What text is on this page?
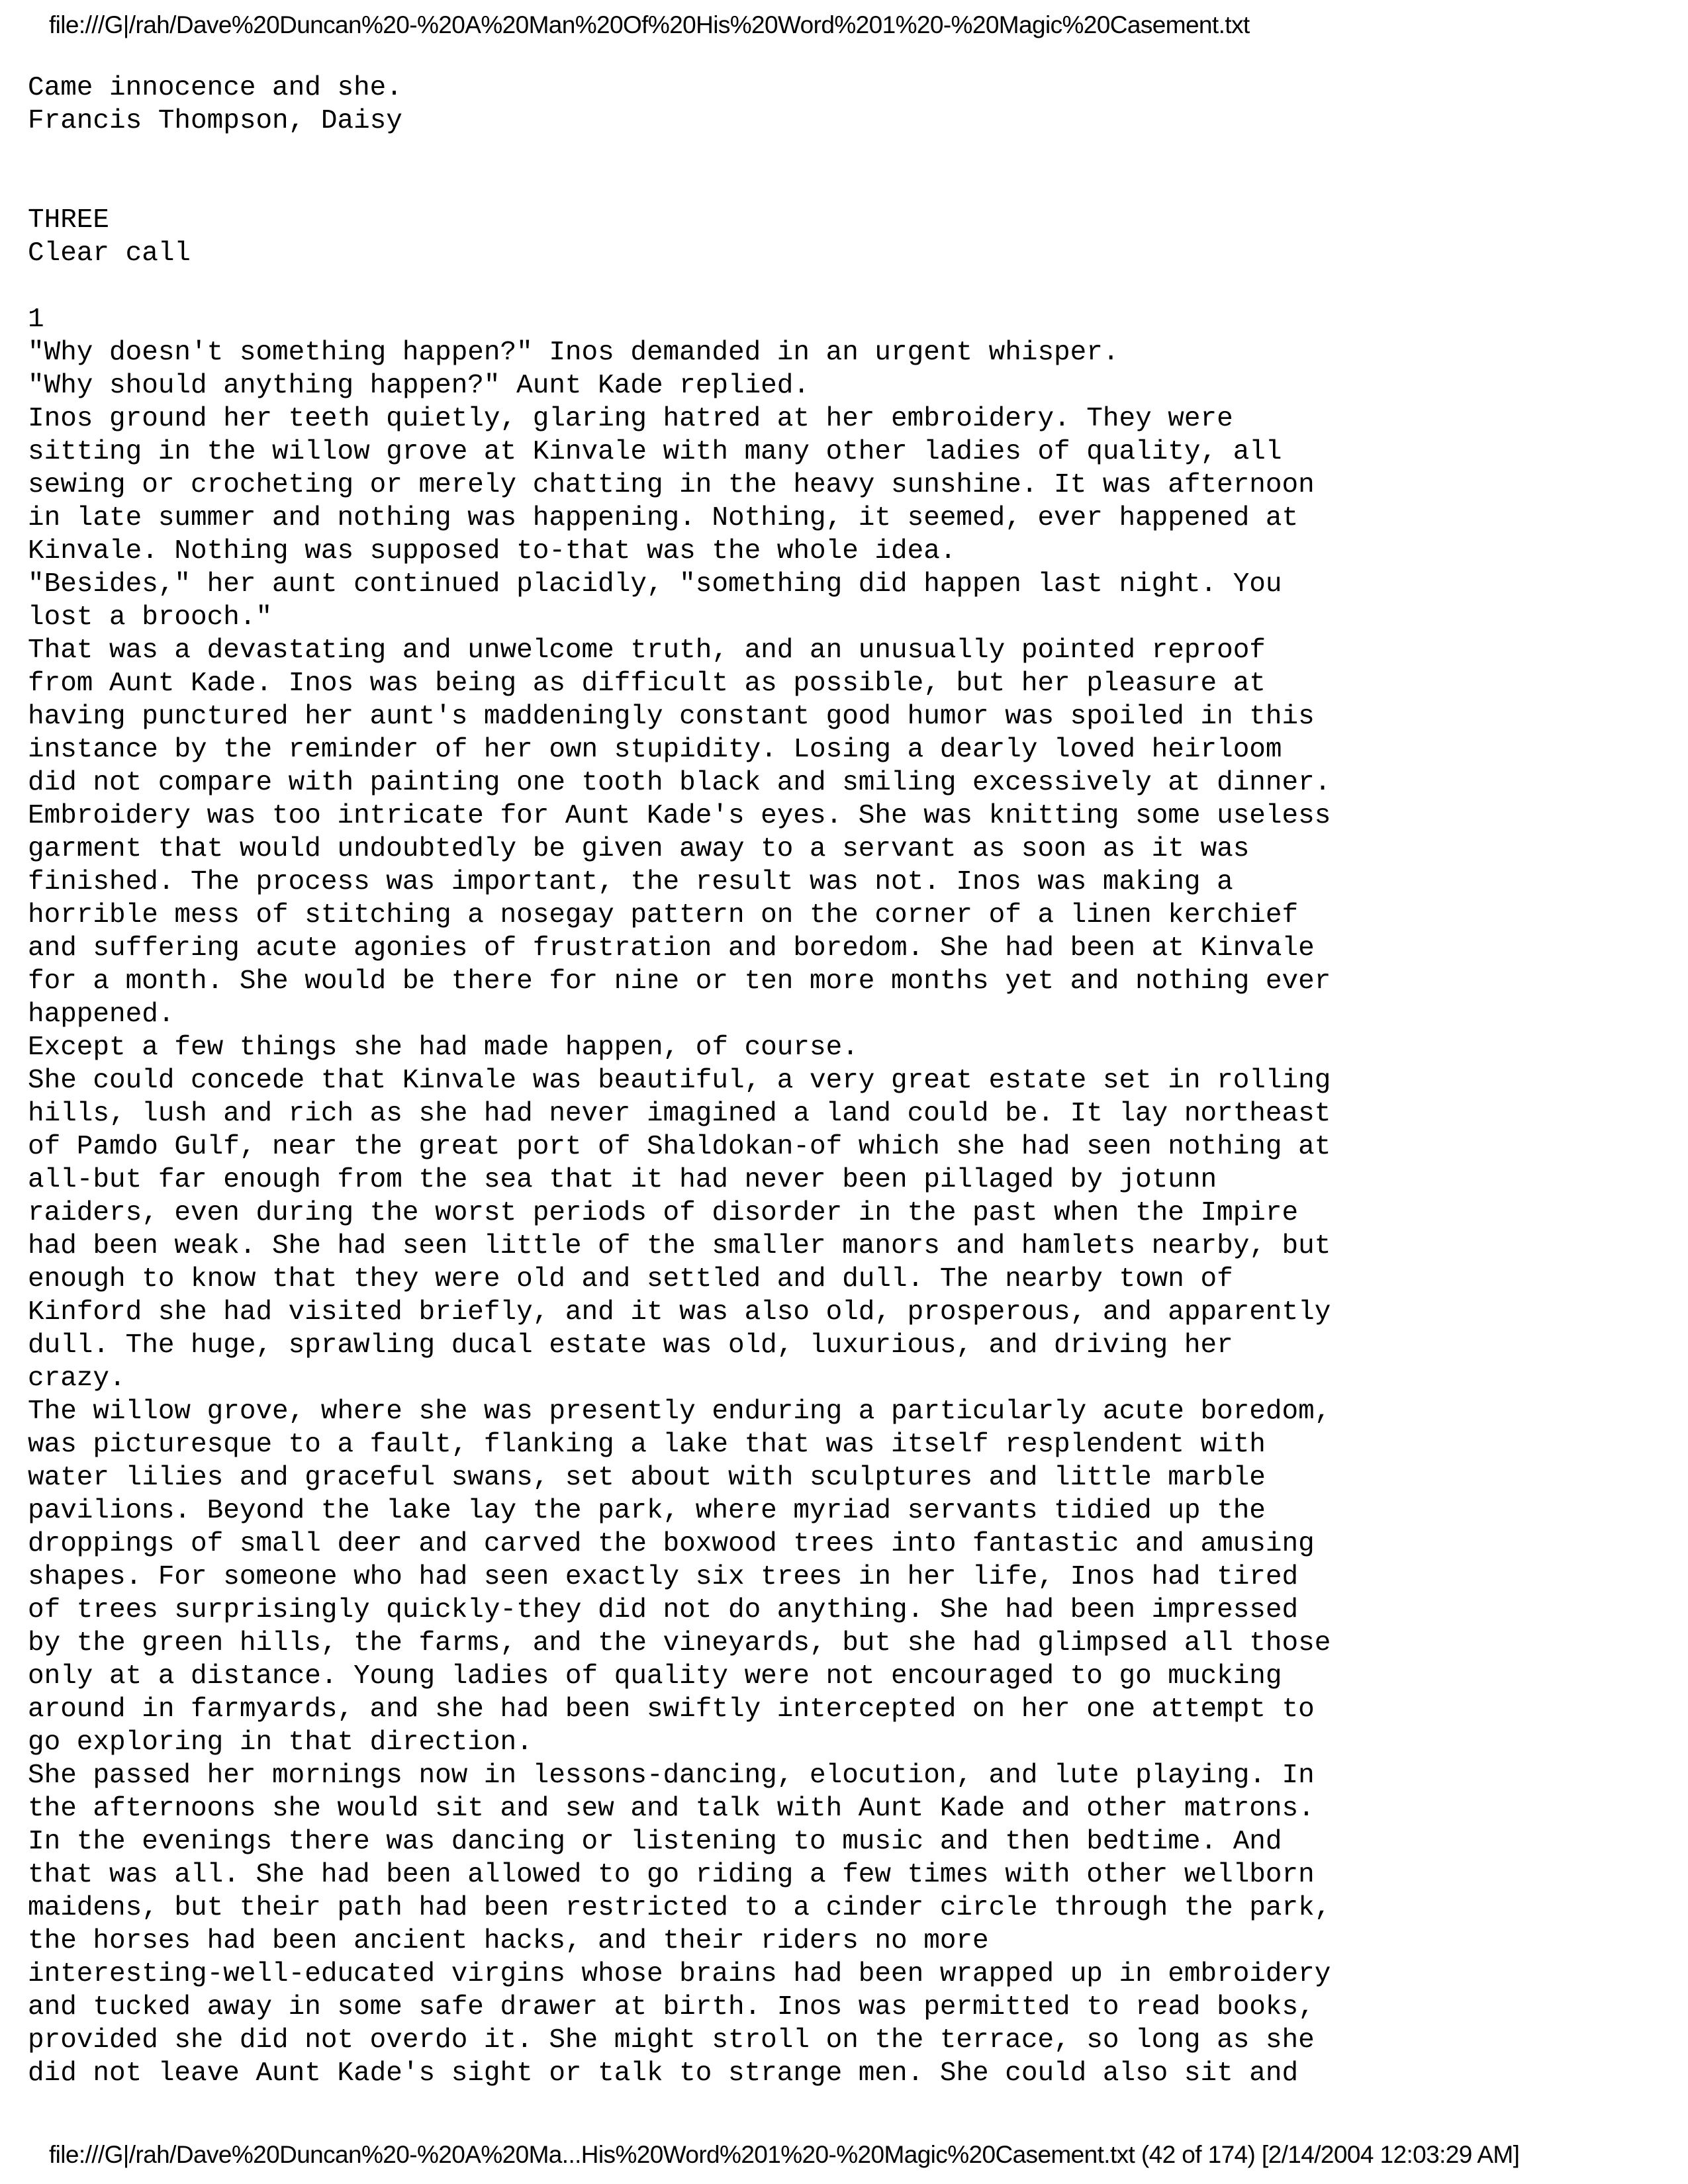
file:///G|/rah/Dave%20Duncan%20-%20A%20Man%20Of%20His%20Word%201%20-%20Magic%20Casement.txt
Came innocence and she.
Francis Thompson, Daisy
THREE
Clear call
1
"Why doesn't something happen?" Inos demanded in an urgent whisper.
"Why should anything happen?" Aunt Kade replied.
Inos ground her teeth quietly, glaring hatred at her embroidery. They were
sitting in the willow grove at Kinvale with many other ladies of quality, all
sewing or crocheting or merely chatting in the heavy sunshine. It was afternoon
in late summer and nothing was happening. Nothing, it seemed, ever happened at
Kinvale. Nothing was supposed to-that was the whole idea.
"Besides," her aunt continued placidly, "something did happen last night. You
lost a brooch."
That was a devastating and unwelcome truth, and an unusually pointed reproof
from Aunt Kade. Inos was being as difficult as possible, but her pleasure at
having punctured her aunt's maddeningly constant good humor was spoiled in this
instance by the reminder of her own stupidity. Losing a dearly loved heirloom
did not compare with painting one tooth black and smiling excessively at dinner.
Embroidery was too intricate for Aunt Kade's eyes. She was knitting some useless
garment that would undoubtedly be given away to a servant as soon as it was
finished. The process was important, the result was not. Inos was making a
horrible mess of stitching a nosegay pattern on the corner of a linen kerchief
and suffering acute agonies of frustration and boredom. She had been at Kinvale
for a month. She would be there for nine or ten more months yet and nothing ever
happened.
Except a few things she had made happen, of course.
She could concede that Kinvale was beautiful, a very great estate set in rolling
hills, lush and rich as she had never imagined a land could be. It lay northeast
of Pamdo Gulf, near the great port of Shaldokan-of which she had seen nothing at
all-but far enough from the sea that it had never been pillaged by jotunn
raiders, even during the worst periods of disorder in the past when the Impire
had been weak. She had seen little of the smaller manors and hamlets nearby, but
enough to know that they were old and settled and dull. The nearby town of
Kinford she had visited briefly, and it was also old, prosperous, and apparently
dull. The huge, sprawling ducal estate was old, luxurious, and driving her
crazy.
The willow grove, where she was presently enduring a particularly acute boredom,
was picturesque to a fault, flanking a lake that was itself resplendent with
water lilies and graceful swans, set about with sculptures and little marble
pavilions. Beyond the lake lay the park, where myriad servants tidied up the
droppings of small deer and carved the boxwood trees into fantastic and amusing
shapes. For someone who had seen exactly six trees in her life, Inos had tired
of trees surprisingly quickly-they did not do anything. She had been impressed
by the green hills, the farms, and the vineyards, but she had glimpsed all those
only at a distance. Young ladies of quality were not encouraged to go mucking
around in farmyards, and she had been swiftly intercepted on her one attempt to
go exploring in that direction.
She passed her mornings now in lessons-dancing, elocution, and lute playing. In
the afternoons she would sit and sew and talk with Aunt Kade and other matrons.
In the evenings there was dancing or listening to music and then bedtime. And
that was all. She had been allowed to go riding a few times with other wellborn
maidens, but their path had been restricted to a cinder circle through the park,
the horses had been ancient hacks, and their riders no more
interesting-well-educated virgins whose brains had been wrapped up in embroidery
and tucked away in some safe drawer at birth. Inos was permitted to read books,
provided she did not overdo it. She might stroll on the terrace, so long as she
did not leave Aunt Kade's sight or talk to strange men. She could also sit and
file:///G|/rah/Dave%20Duncan%20-%20A%20Ma...His%20Word%201%20-%20Magic%20Casement.txt (42 of 174) [2/14/2004 12:03:29 AM]
